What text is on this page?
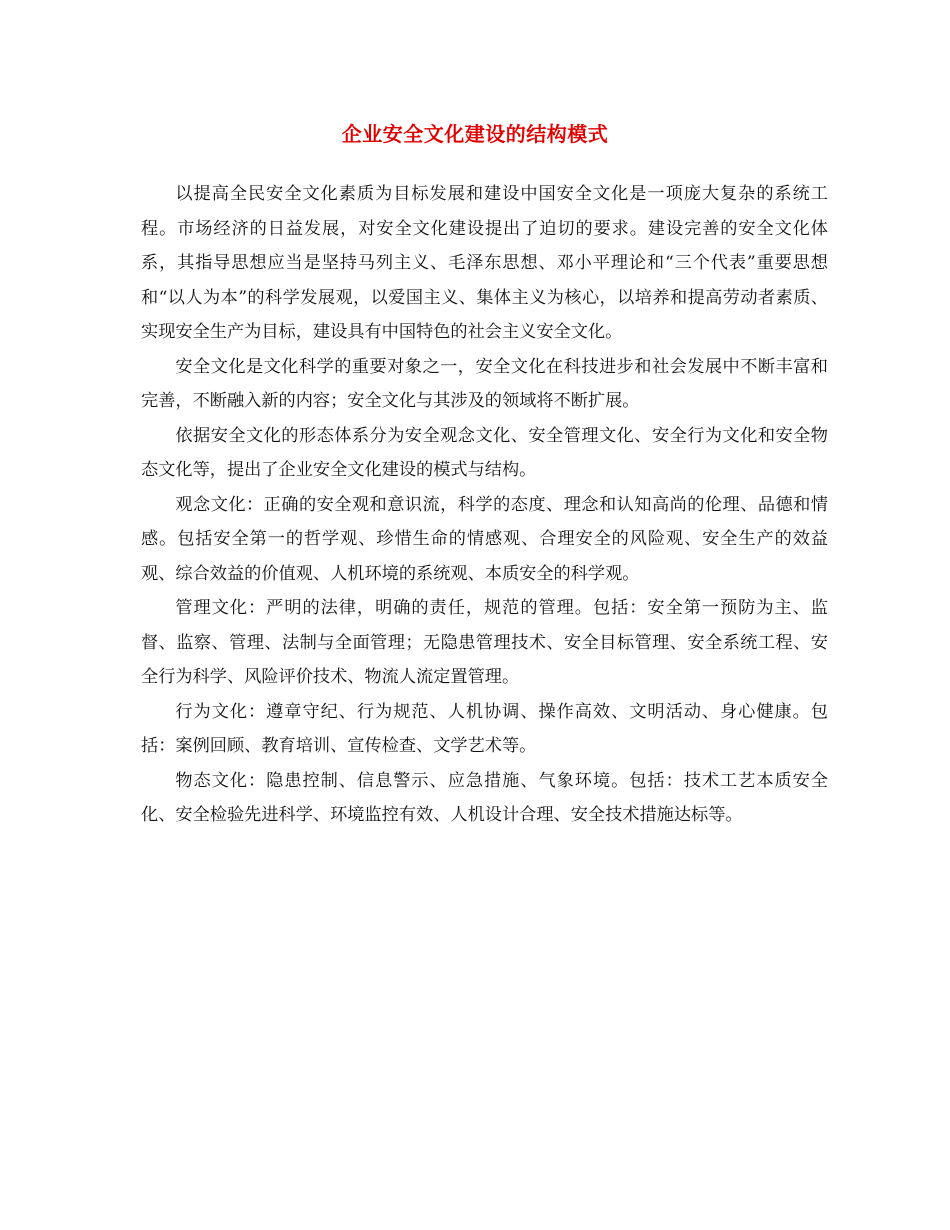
企业安全文化建设的结构模式

以提高全民安全文化素质为目标发展和建设中国安全文化是一项庞大复杂的系统工程。市场经济的日益发展，对安全文化建设提出了迫切的要求。建设完善的安全文化体系，其指导思想应当是坚持马列主义、毛泽东思想、邓小平理论和“三个代表”重要思想和“以人为本”的科学发展观，以爱国主义、集体主义为核心，以培养和提高劳动者素质、实现安全生产为目标，建设具有中国特色的社会主义安全文化。

安全文化是文化科学的重要对象之一，安全文化在科技进步和社会发展中不断丰富和完善，不断融入新的内容；安全文化与其涉及的领域将不断扩展。

依据安全文化的形态体系分为安全观念文化、安全管理文化、安全行为文化和安全物态文化等，提出了企业安全文化建设的模式与结构。

观念文化：正确的安全观和意识流，科学的态度、理念和认知高尚的伦理、品德和情感。包括安全第一的哲学观、珍惜生命的情感观、合理安全的风险观、安全生产的效益观、综合效益的价值观、人机环境的系统观、本质安全的科学观。

管理文化：严明的法律，明确的责任，规范的管理。包括：安全第一预防为主、监督、监察、管理、法制与全面管理；无隐患管理技术、安全目标管理、安全系统工程、安全行为科学、风险评价技术、物流人流定置管理。

行为文化：遵章守纪、行为规范、人机协调、操作高效、文明活动、身心健康。包括：案例回顾、教育培训、宣传检查、文学艺术等。

物态文化：隐患控制、信息警示、应急措施、气象环境。包括：技术工艺本质安全化、安全检验先进科学、环境监控有效、人机设计合理、安全技术措施达标等。
